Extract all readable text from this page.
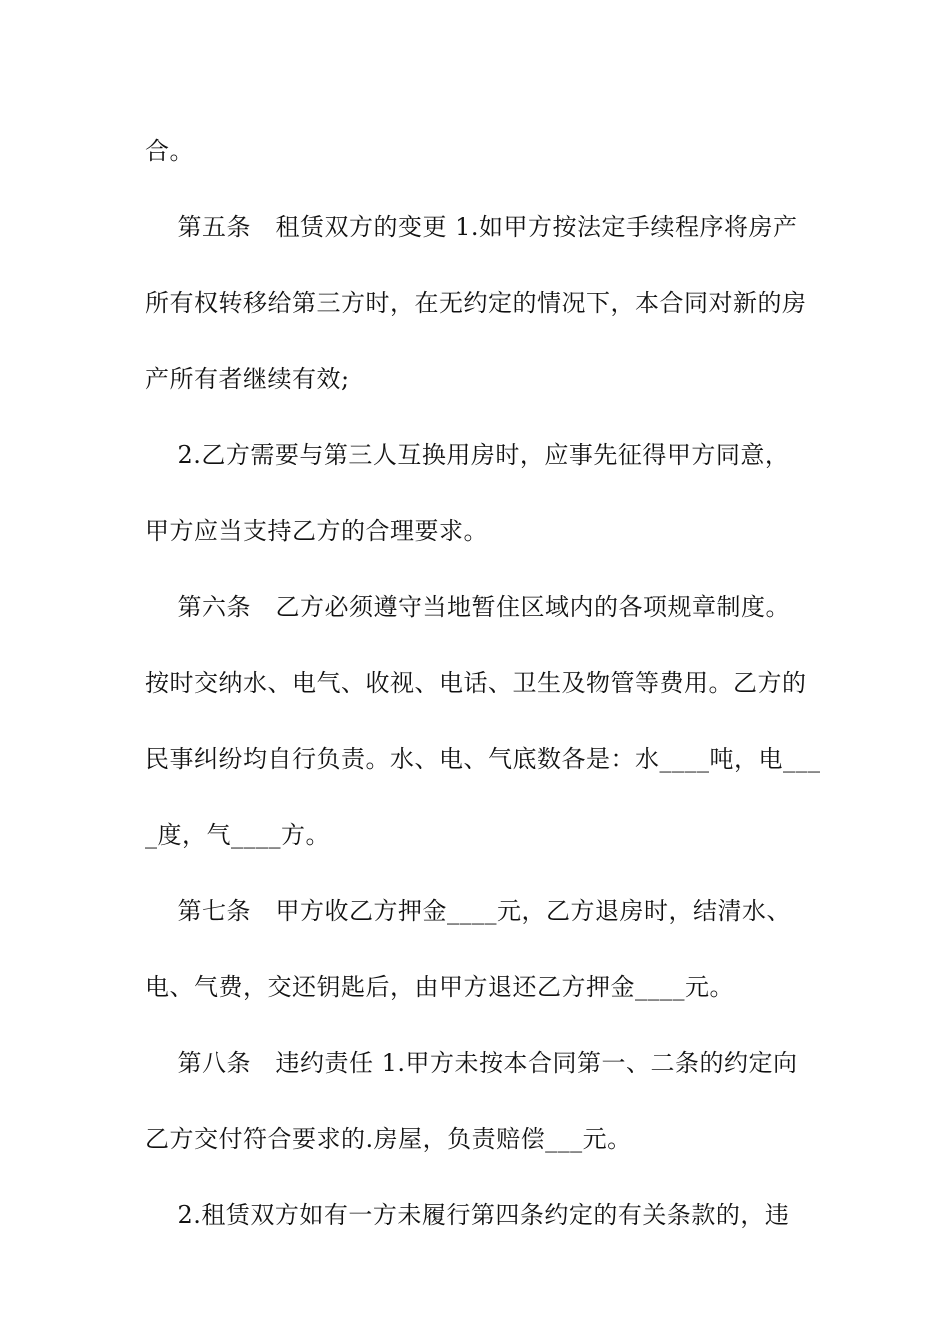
合。
第五条　租赁双方的变更 1.如甲方按法定手续程序将房产
所有权转移给第三方时，在无约定的情况下，本合同对新的房
产所有者继续有效;
2.乙方需要与第三人互换用房时，应事先征得甲方同意，
甲方应当支持乙方的合理要求。
第六条　乙方必须遵守当地暂住区域内的各项规章制度。
按时交纳水、电气、收视、电话、卫生及物管等费用。乙方的
民事纠纷均自行负责。水、电、气底数各是：水____吨，电___
_度，气____方。
第七条　甲方收乙方押金____元，乙方退房时，结清水、
电、气费，交还钥匙后，由甲方退还乙方押金____元。
第八条　违约责任 1.甲方未按本合同第一、二条的约定向
乙方交付符合要求的.房屋，负责赔偿___元。
2.租赁双方如有一方未履行第四条约定的有关条款的，违
